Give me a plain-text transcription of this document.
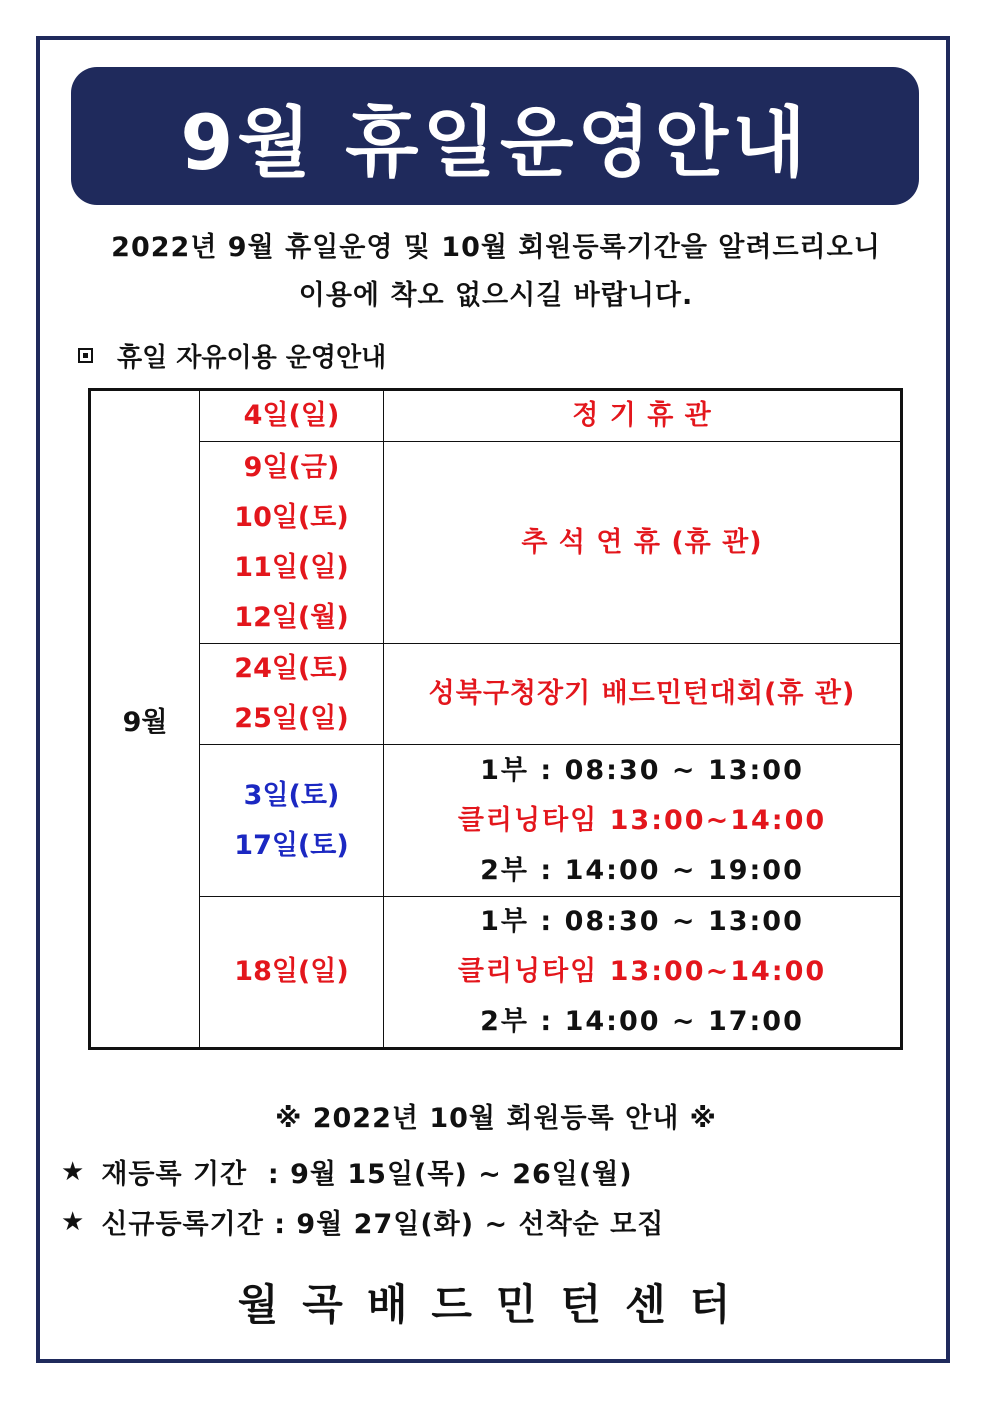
9월 휴일운영안내
2022년 9월 휴일운영 및 10월 회원등록기간을 알려드리오니
이용에 착오 없으시길 바랍니다.
휴일 자유이용 운영안내
9월	4일(일)	정 기 휴 관

	9일(금)
10일(토)
11일(일)
12일(월)	추 석 연 휴 (휴 관)

	24일(토)
25일(일)	성북구청장기 배드민턴대회(휴 관)

	3일(토)
17일(토)	1부 : 08:30 ~ 13:00
클리닝타임 13:00~14:00
2부 : 14:00 ~ 19:00

	18일(일)	1부 : 08:30 ~ 13:00
클리닝타임 13:00~14:00
2부 : 14:00 ~ 17:00
※ 2022년 10월 회원등록 안내 ※
★ 재등록 기간  : 9월 15일(목) ~ 26일(월)
★ 신규등록기간 : 9월 27일(화) ~ 선착순 모집
월곡배드민턴센터
